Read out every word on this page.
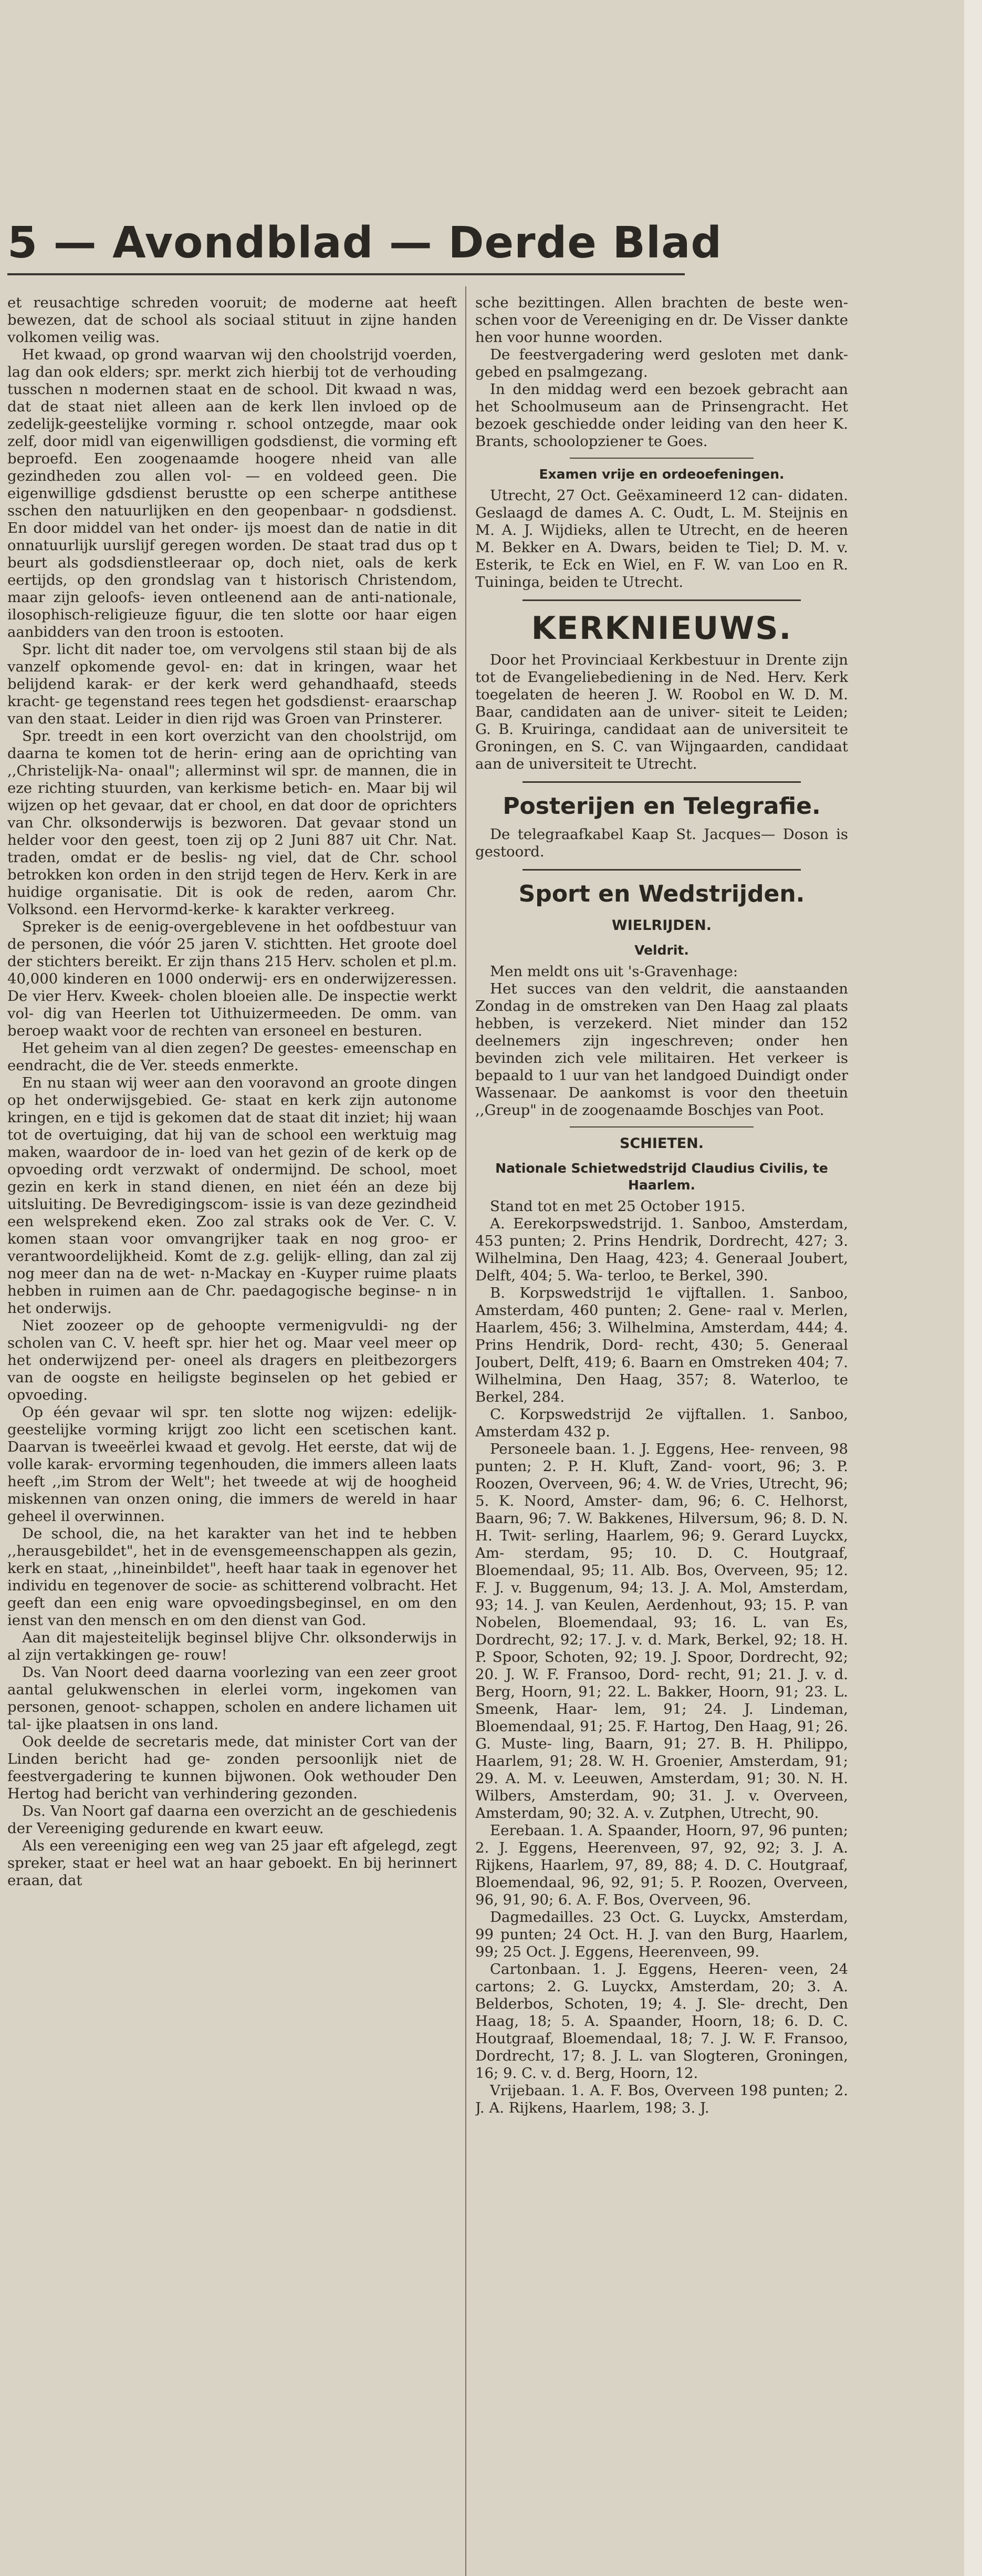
5 — Avondblad — Derde Blad

et reusachtige schreden vooruit; de moderne aat heeft bewezen, dat de school als sociaal stituut in zijne handen volkomen veilig was.

Het kwaad, op grond waarvan wij den choolstrijd voerden, lag dan ook elders; spr. merkt zich hierbij tot de verhouding tusschen n modernen staat en de school. Dit kwaad n was, dat de staat niet alleen aan de kerk llen invloed op de zedelijk-geestelijke vorming r. school ontzegde, maar ook zelf, door midl van eigenwilligen godsdienst, die vorming eft beproefd. Een zoogenaamde hoogere nheid van alle gezindheden zou allen vol- — en voldeed geen. Die eigenwillige gdsdienst berustte op een scherpe antithese sschen den natuurlijken en den geopenbaar- n godsdienst. En door middel van het onder- ijs moest dan de natie in dit onnatuurlijk uurslijf geregen worden. De staat trad dus op t beurt als godsdienstleeraar op, doch niet, oals de kerk eertijds, op den grondslag van t historisch Christendom, maar zijn geloofs- ieven ontleenend aan de anti-nationale, ilosophisch-religieuze figuur, die ten slotte oor haar eigen aanbidders van den troon is estooten.

Spr. licht dit nader toe, om vervolgens stil staan bij de als vanzelf opkomende gevol- en: dat in kringen, waar het belijdend karak- er der kerk werd gehandhaafd, steeds kracht- ge tegenstand rees tegen het godsdienst- eraarschap van den staat. Leider in dien rijd was Groen van Prinsterer.

Spr. treedt in een kort overzicht van den choolstrijd, om daarna te komen tot de herin- ering aan de oprichting van ,,Christelijk-Na- onaal"; allerminst wil spr. de mannen, die in eze richting stuurden, van kerkisme betich- en. Maar bij wil wijzen op het gevaar, dat er chool, en dat door de oprichters van Chr. olksonderwijs is bezworen. Dat gevaar stond un helder voor den geest, toen zij op 2 Juni 887 uit Chr. Nat. traden, omdat er de beslis- ng viel, dat de Chr. school betrokken kon orden in den strijd tegen de Herv. Kerk in are huidige organisatie. Dit is ook de reden, aarom Chr. Volksond. een Hervormd-kerke- k karakter verkreeg.

Spreker is de eenig-overgeblevene in het oofdbestuur van de personen, die vóór 25 jaren V. stichtten. Het groote doel der stichters bereikt. Er zijn thans 215 Herv. scholen et pl.m. 40,000 kinderen en 1000 onderwij- ers en onderwijzeressen. De vier Herv. Kweek- cholen bloeien alle. De inspectie werkt vol- dig van Heerlen tot Uithuizermeeden. De omm. van beroep waakt voor de rechten van ersoneel en besturen.

Het geheim van al dien zegen? De geestes- emeenschap en eendracht, die de Ver. steeds enmerkte.

En nu staan wij weer aan den vooravond an groote dingen op het onderwijsgebied. Ge- staat en kerk zijn autonome kringen, en e tijd is gekomen dat de staat dit inziet; hij waan tot de overtuiging, dat hij van de school een werktuig mag maken, waardoor de in- loed van het gezin of de kerk op de opvoeding ordt verzwakt of ondermijnd. De school, moet gezin en kerk in stand dienen, en niet één an deze bij uitsluiting. De Bevredigingscom- issie is van deze gezindheid een welsprekend eken. Zoo zal straks ook de Ver. C. V. komen staan voor omvangrijker taak en nog groo- er verantwoordelijkheid. Komt de z.g. gelijk- elling, dan zal zij nog meer dan na de wet- n-Mackay en -Kuyper ruime plaats hebben in ruimen aan de Chr. paedagogische beginse- n in het onderwijs.

Niet zoozeer op de gehoopte vermenigvuldi- ng der scholen van C. V. heeft spr. hier het og. Maar veel meer op het onderwijzend per- oneel als dragers en pleitbezorgers van de oogste en heiligste beginselen op het gebied er opvoeding.

Op één gevaar wil spr. ten slotte nog wijzen: edelijk-geestelijke vorming krijgt zoo licht een scetischen kant. Daarvan is tweeërlei kwaad et gevolg. Het eerste, dat wij de volle karak- ervorming tegenhouden, die immers alleen laats heeft ,,im Strom der Welt"; het tweede at wij de hoogheid miskennen van onzen oning, die immers de wereld in haar geheel il overwinnen.

De school, die, na het karakter van het ind te hebben ,,herausgebildet", het in de evensgemeenschappen als gezin, kerk en staat, ,,hineinbildet", heeft haar taak in egenover het individu en tegenover de socie- as schitterend volbracht. Het geeft dan een enig ware opvoedingsbeginsel, en om den ienst van den mensch en om den dienst van God.

Aan dit majesteitelijk beginsel blijve Chr. olksonderwijs in al zijn vertakkingen ge- rouw!

Ds. Van Noort deed daarna voorlezing van een zeer groot aantal gelukwenschen in elerlei vorm, ingekomen van personen, genoot- schappen, scholen en andere lichamen uit tal- ijke plaatsen in ons land.

Ook deelde de secretaris mede, dat minister Cort van der Linden bericht had ge- zonden persoonlijk niet de feestvergadering te kunnen bijwonen. Ook wethouder Den Hertog had bericht van verhindering gezonden.

Ds. Van Noort gaf daarna een overzicht an de geschiedenis der Vereeniging gedurende en kwart eeuw.

Als een vereeniging een weg van 25 jaar eft afgelegd, zegt spreker, staat er heel wat an haar geboekt. En bij herinnert eraan, dat

sche bezittingen. Allen brachten de beste wen- schen voor de Vereeniging en dr. De Visser dankte hen voor hunne woorden.

De feestvergadering werd gesloten met dank- gebed en psalmgezang.

In den middag werd een bezoek gebracht aan het Schoolmuseum aan de Prinsengracht. Het bezoek geschiedde onder leiding van den heer K. Brants, schoolopziener te Goes.

Examen vrije en ordeoefeningen.

Utrecht, 27 Oct. Geëxamineerd 12 can- didaten. Geslaagd de dames A. C. Oudt, L. M. Steijnis en M. A. J. Wijdieks, allen te Utrecht, en de heeren M. Bekker en A. Dwars, beiden te Tiel; D. M. v. Esterik, te Eck en Wiel, en F. W. van Loo en R. Tuininga, beiden te Utrecht.

KERKNIEUWS.

Door het Provinciaal Kerkbestuur in Drente zijn tot de Evangeliebediening in de Ned. Herv. Kerk toegelaten de heeren J. W. Roobol en W. D. M. Baar, candidaten aan de univer- siteit te Leiden; G. B. Kruiringa, candidaat aan de universiteit te Groningen, en S. C. van Wijngaarden, candidaat aan de universiteit te Utrecht.

Posterijen en Telegrafie.

De telegraafkabel Kaap St. Jacques— Doson is gestoord.

Sport en Wedstrijden.
WIELRIJDEN.
Veldrit.

Men meldt ons uit 's-Gravenhage:

Het succes van den veldrit, die aanstaanden Zondag in de omstreken van Den Haag zal plaats hebben, is verzekerd. Niet minder dan 152 deelnemers zijn ingeschreven; onder hen bevinden zich vele militairen. Het verkeer is bepaald to 1 uur van het landgoed Duindigt onder Wassenaar. De aankomst is voor den theetuin ,,Greup" in de zoogenaamde Boschjes van Poot.

SCHIETEN.
Nationale Schietwedstrijd Claudius Civilis, te Haarlem.

Stand tot en met 25 October 1915.

A. Eerekorpswedstrijd. 1. Sanboo, Amsterdam, 453 punten; 2. Prins Hendrik, Dordrecht, 427; 3. Wilhelmina, Den Haag, 423; 4. Generaal Joubert, Delft, 404; 5. Wa- terloo, te Berkel, 390.

B. Korpswedstrijd 1e vijftallen. 1. Sanboo, Amsterdam, 460 punten; 2. Gene- raal v. Merlen, Haarlem, 456; 3. Wilhelmina, Amsterdam, 444; 4. Prins Hendrik, Dord- recht, 430; 5. Generaal Joubert, Delft, 419; 6. Baarn en Omstreken 404; 7. Wilhelmina, Den Haag, 357; 8. Waterloo, te Berkel, 284.

C. Korpswedstrijd 2e vijftallen. 1. Sanboo, Amsterdam 432 p.

Personeele baan. 1. J. Eggens, Hee- renveen, 98 punten; 2. P. H. Kluft, Zand- voort, 96; 3. P. Roozen, Overveen, 96; 4. W. de Vries, Utrecht, 96; 5. K. Noord, Amster- dam, 96; 6. C. Helhorst, Baarn, 96; 7. W. Bakkenes, Hilversum, 96; 8. D. N. H. Twit- serling, Haarlem, 96; 9. Gerard Luyckx, Am- sterdam, 95; 10. D. C. Houtgraaf, Bloemendaal, 95; 11. Alb. Bos, Overveen, 95; 12. F. J. v. Buggenum, 94; 13. J. A. Mol, Amsterdam, 93; 14. J. van Keulen, Aerdenhout, 93; 15. P. van Nobelen, Bloemendaal, 93; 16. L. van Es, Dordrecht, 92; 17. J. v. d. Mark, Berkel, 92; 18. H. P. Spoor, Schoten, 92; 19. J. Spoor, Dordrecht, 92; 20. J. W. F. Fransoo, Dord- recht, 91; 21. J. v. d. Berg, Hoorn, 91; 22. L. Bakker, Hoorn, 91; 23. L. Smeenk, Haar- lem, 91; 24. J. Lindeman, Bloemendaal, 91; 25. F. Hartog, Den Haag, 91; 26. G. Muste- ling, Baarn, 91; 27. B. H. Philippo, Haarlem, 91; 28. W. H. Groenier, Amsterdam, 91; 29. A. M. v. Leeuwen, Amsterdam, 91; 30. N. H. Wilbers, Amsterdam, 90; 31. J. v. Overveen, Amsterdam, 90; 32. A. v. Zutphen, Utrecht, 90.

Eerebaan. 1. A. Spaander, Hoorn, 97, 96 punten; 2. J. Eggens, Heerenveen, 97, 92, 92; 3. J. A. Rijkens, Haarlem, 97, 89, 88; 4. D. C. Houtgraaf, Bloemendaal, 96, 92, 91; 5. P. Roozen, Overveen, 96, 91, 90; 6. A. F. Bos, Overveen, 96.

Dagmedailles. 23 Oct. G. Luyckx, Amsterdam, 99 punten; 24 Oct. H. J. van den Burg, Haarlem, 99; 25 Oct. J. Eggens, Heerenveen, 99.

Cartonbaan. 1. J. Eggens, Heeren- veen, 24 cartons; 2. G. Luyckx, Amsterdam, 20; 3. A. Belderbos, Schoten, 19; 4. J. Sle- drecht, Den Haag, 18; 5. A. Spaander, Hoorn, 18; 6. D. C. Houtgraaf, Bloemendaal, 18; 7. J. W. F. Fransoo, Dordrecht, 17; 8. J. L. van Slogteren, Groningen, 16; 9. C. v. d. Berg, Hoorn, 12.

Vrijebaan. 1. A. F. Bos, Overveen 198 punten; 2. J. A. Rijkens, Haarlem, 198; 3. J.
